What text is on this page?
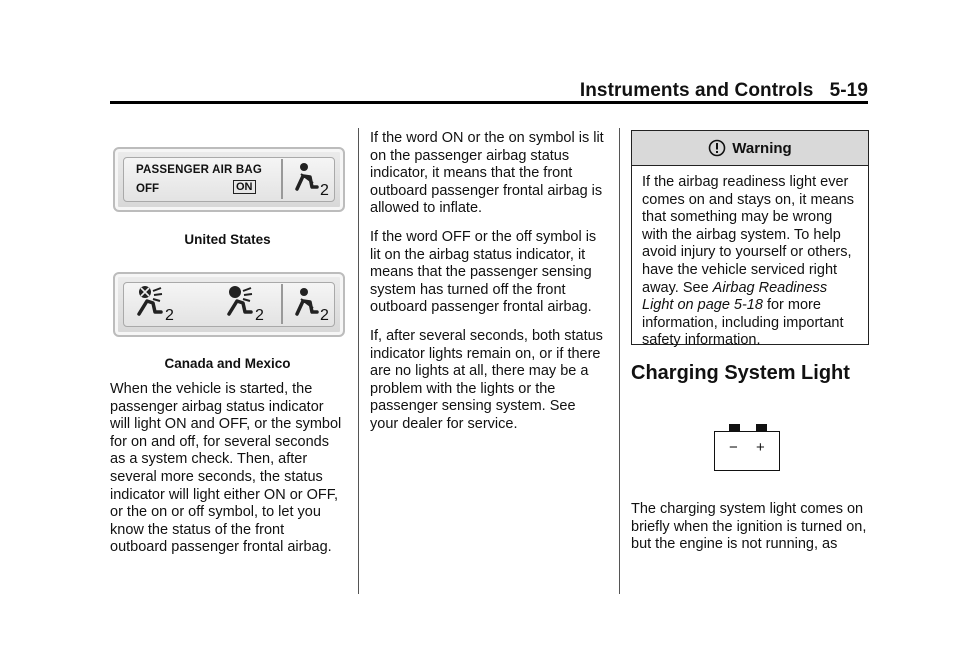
Instruments and Controls 5-19
PASSENGER AIR BAG
OFF	ON	2
United States
2	2	2
Canada and Mexico

When the vehicle is started, the passenger airbag status indicator will light ON and OFF, or the symbol for on and off, for several seconds as a system check. Then, after several more seconds, the status indicator will light either ON or OFF, or the on or off symbol, to let you know the status of the front outboard passenger frontal airbag.

If the word ON or the on symbol is lit on the passenger airbag status indicator, it means that the front outboard passenger frontal airbag is allowed to inflate.

If the word OFF or the off symbol is lit on the airbag status indicator, it means that the passenger sensing system has turned off the front outboard passenger frontal airbag.

If, after several seconds, both status indicator lights remain on, or if there are no lights at all, there may be a problem with the lights or the passenger sensing system. See your dealer for service.

Warning
If the airbag readiness light ever comes on and stays on, it means that something may be wrong with the airbag system. To help avoid injury to yourself or others, have the vehicle serviced right away. See Airbag Readiness Light on page 5-18 for more information, including important safety information.
Charging System Light
− +

The charging system light comes on briefly when the ignition is turned on, but the engine is not running, as
